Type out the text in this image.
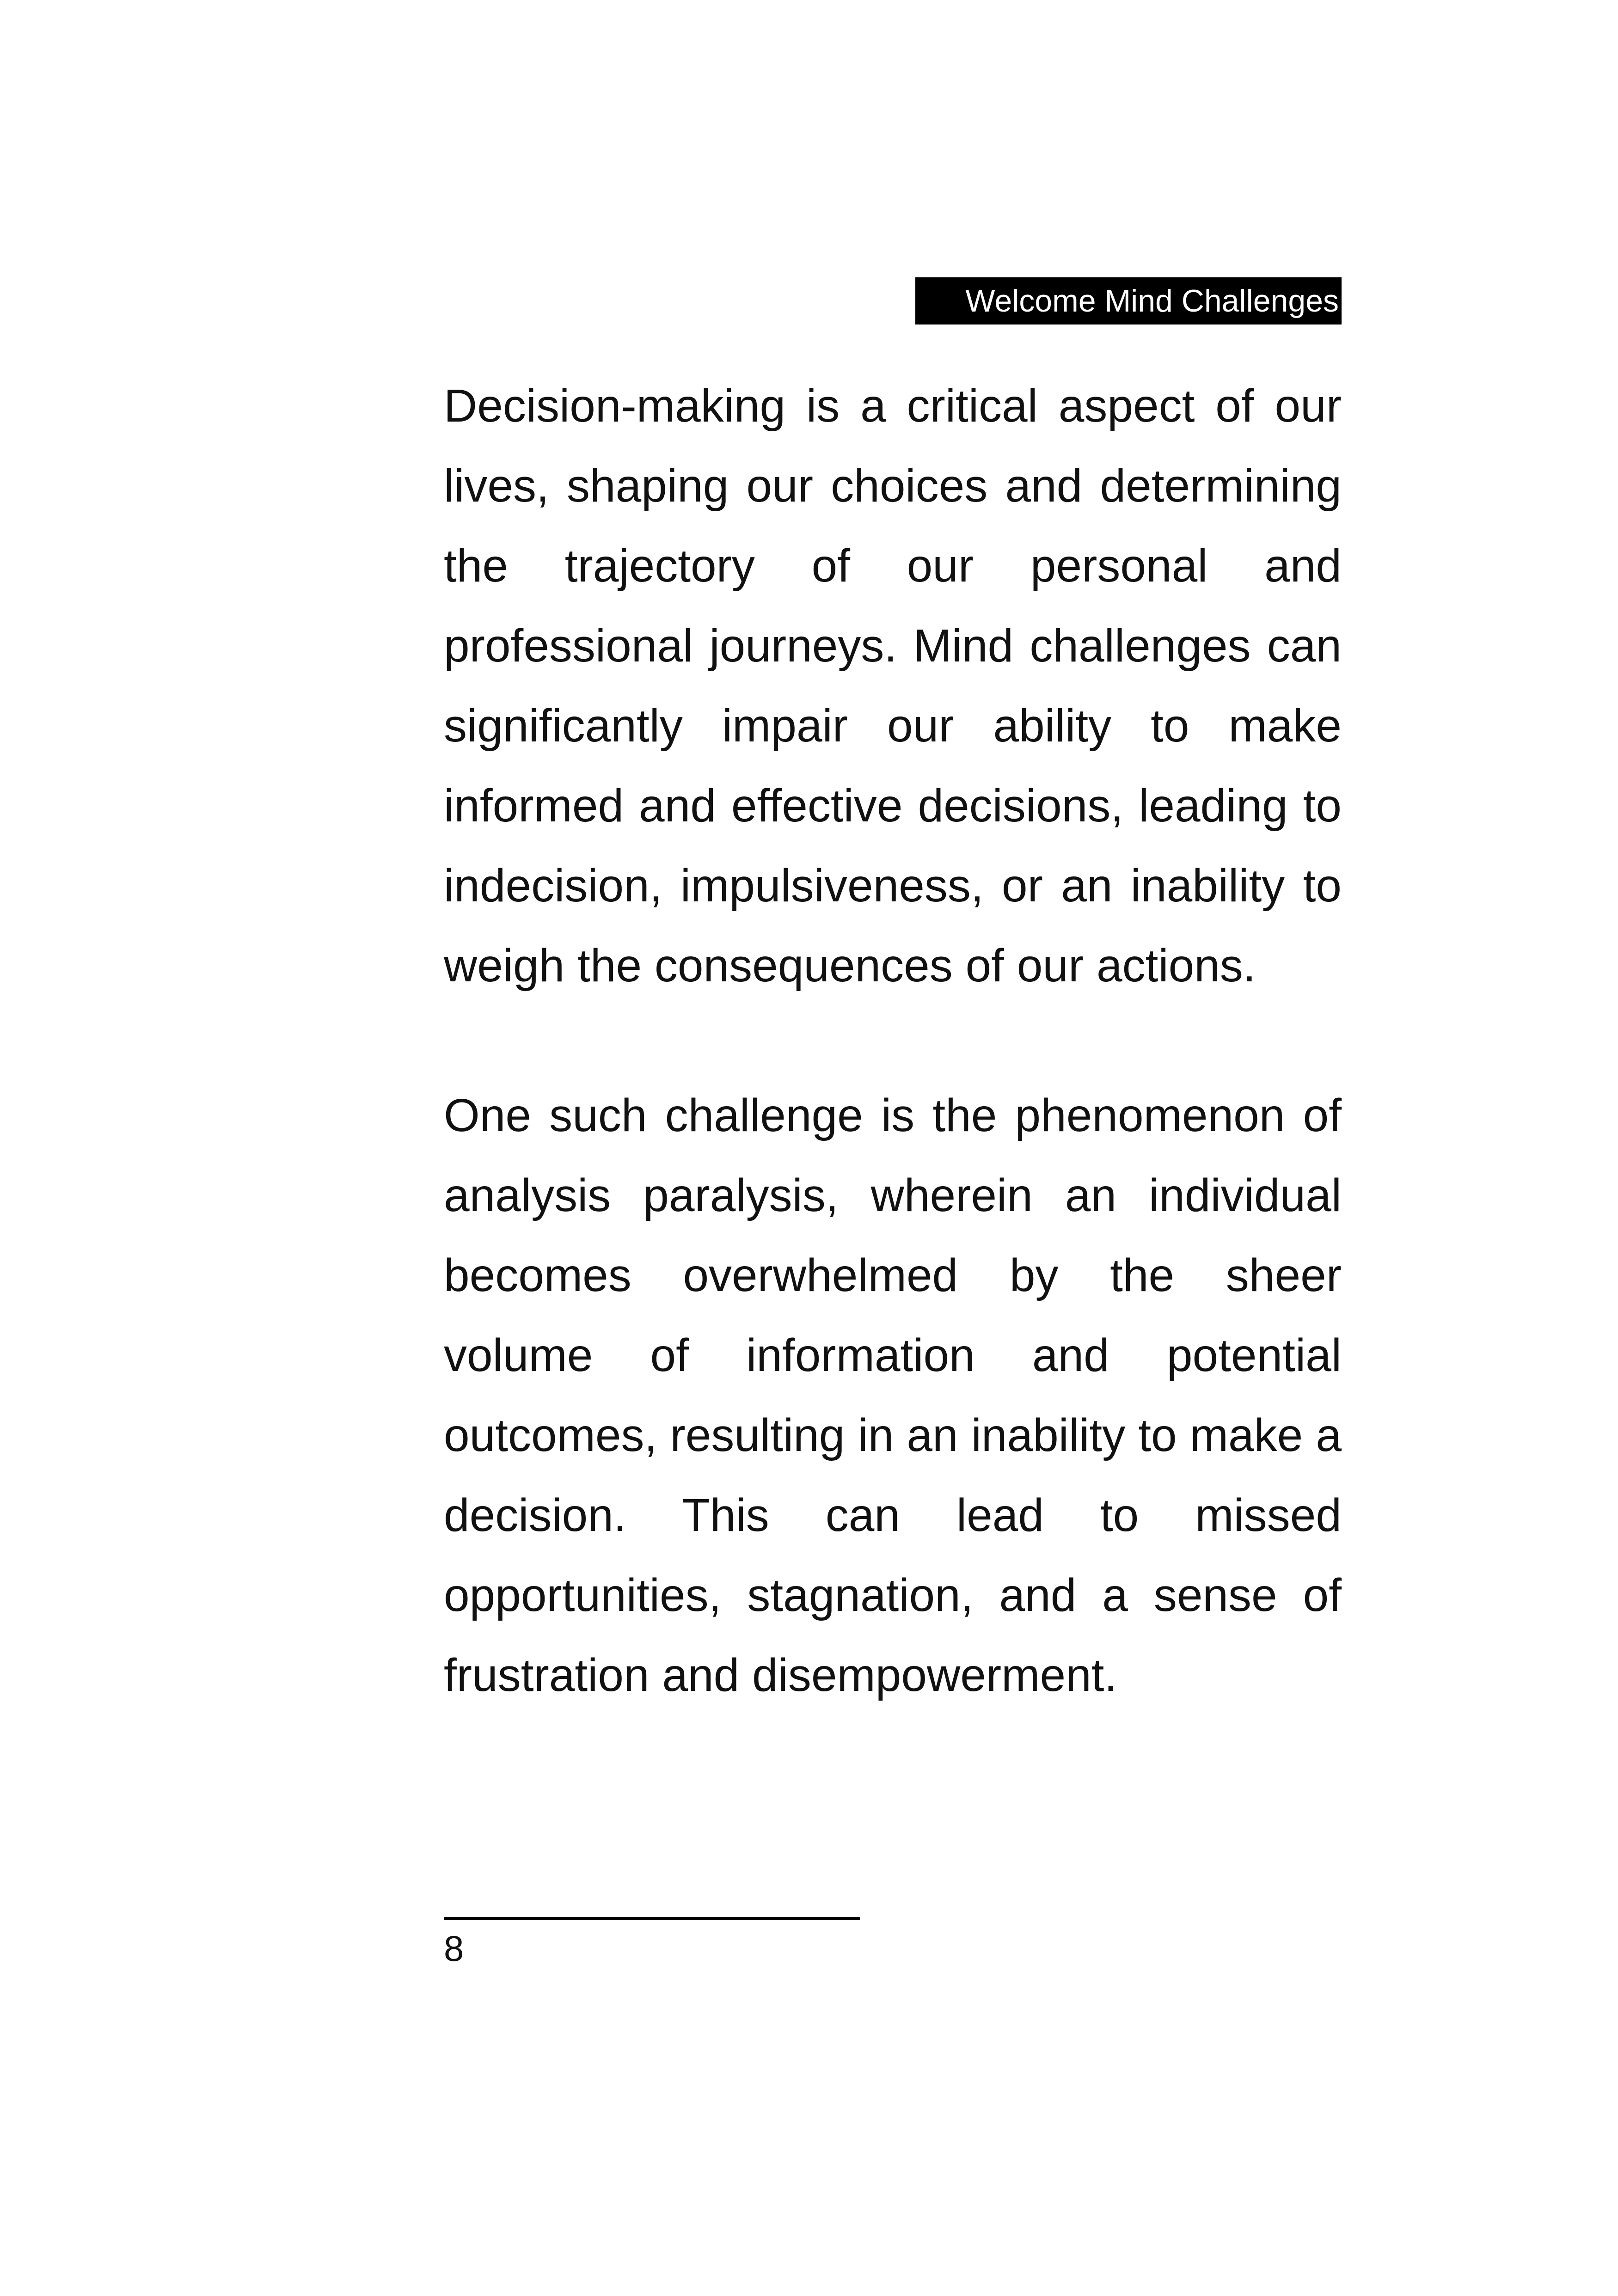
Welcome Mind Challenges

Decision-making is a critical aspect of our lives, shaping our choices and determining the trajectory of our personal and professional journeys. Mind challenges can significantly impair our ability to make informed and effective decisions, leading to indecision, impulsiveness, or an inability to weigh the consequences of our actions.

One such challenge is the phenomenon of analysis paralysis, wherein an individual becomes overwhelmed by the sheer volume of information and potential outcomes, resulting in an inability to make a decision. This can lead to missed opportunities, stagnation, and a sense of frustration and disempowerment.

8
